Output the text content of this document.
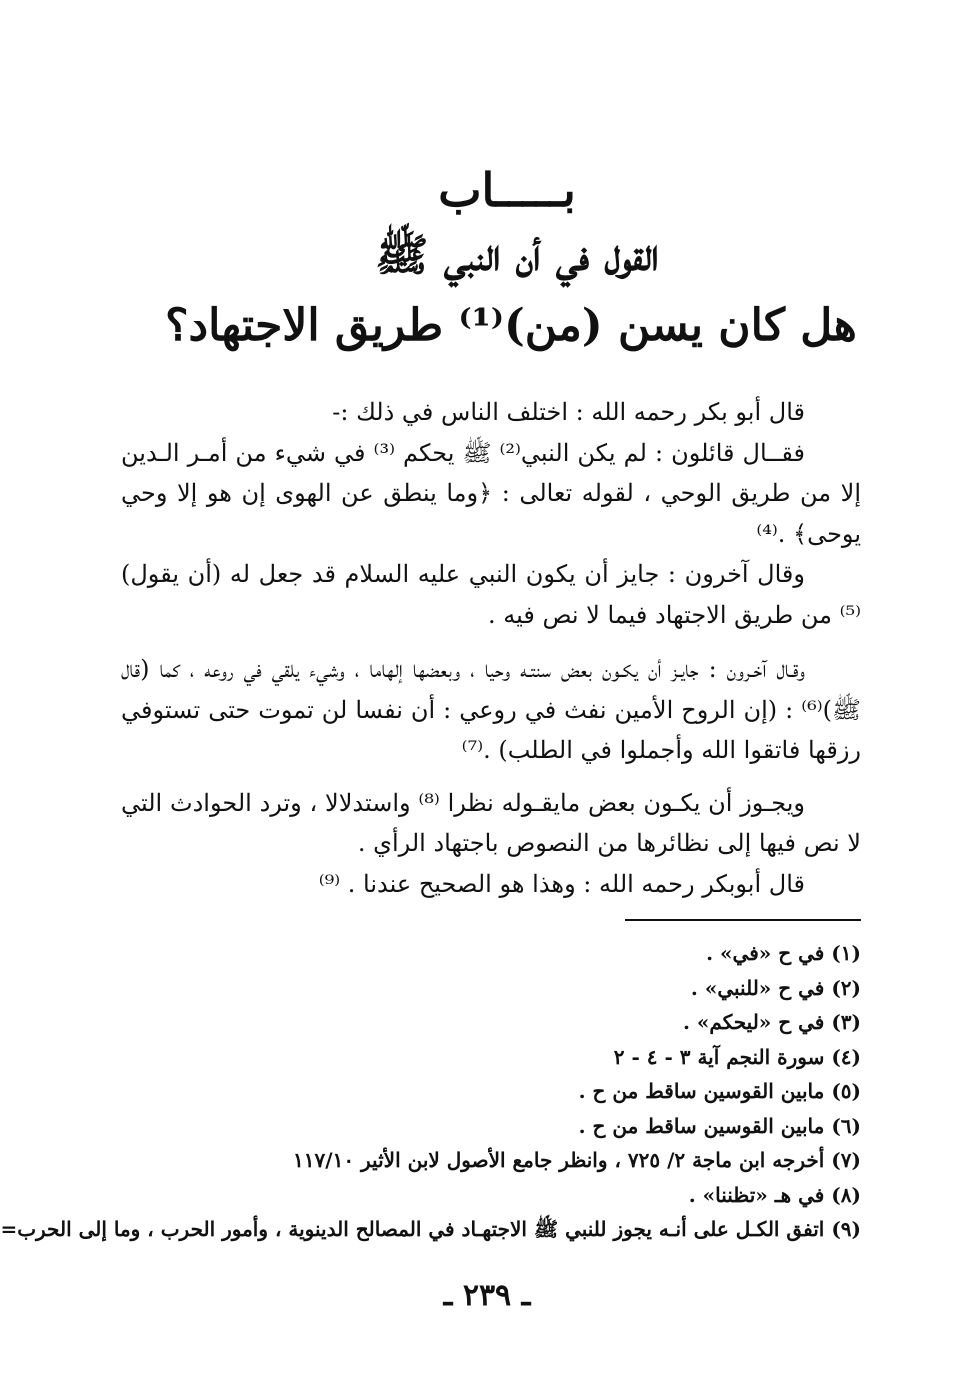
بـــــاب
القول في أن النبي ﷺ
هل كان يسن (من)⁽¹⁾ طريق الاجتهاد؟

قال أبو بكر رحمه الله : اختلف الناس في ذلك :-

فقــال قائلون : لم يكن النبي⁽²⁾ ﷺ يحكم ⁽³⁾ في شيء من أمـر الـدين إلا من طريق الوحي ، لقوله تعالى : ﴿وما ينطق عن الهوى إن هو إلا وحي يوحى﴾ .⁽⁴⁾

وقال آخرون : جايز أن يكون النبي عليه السلام قد جعل له (أن يقول)⁽⁵⁾ من طريق الاجتهاد فيما لا نص فيه .

وقـال آخـرون : جايـز أن يكـون بعض سنتـه وحيا ، وبعضها إلهاما ، وشيء يلقي في روعه ، كما (قال ﷺ)⁽⁶⁾ : (إن الروح الأمين نفث في روعي : أن نفسا لن تموت حتى تستوفي رزقها فاتقوا الله وأجملوا في الطلب) .⁽⁷⁾

ويجـوز أن يكـون بعض مايقـوله نظرا ⁽⁸⁾ واستدلالا ، وترد الحوادث التي لا نص فيها إلى نظائرها من النصوص باجتهاد الرأي .

قال أبوبكر رحمه الله : وهذا هو الصحيح عندنا . ⁽⁹⁾

(١) في ح «في» .

(٢) في ح «للنبي» .

(٣) في ح «ليحكم» .

(٤) سورة النجم آية ٣ - ٤ - ٢

(٥) مابين القوسين ساقط من ح .

(٦) مابين القوسين ساقط من ح .

(٧) أخرجه ابن ماجة ٢/ ٧٢٥ ، وانظر جامع الأصول لابن الأثير ١١٧/١٠

(٨) في هـ «تظننا» .

(٩) اتفق الكـل على أنـه يجوز للنبي ﷺ الاجتهـاد في المصالح الدينوية ، وأمور الحرب ، وما إلى الحرب=

ـ ٢٣٩ ـ
